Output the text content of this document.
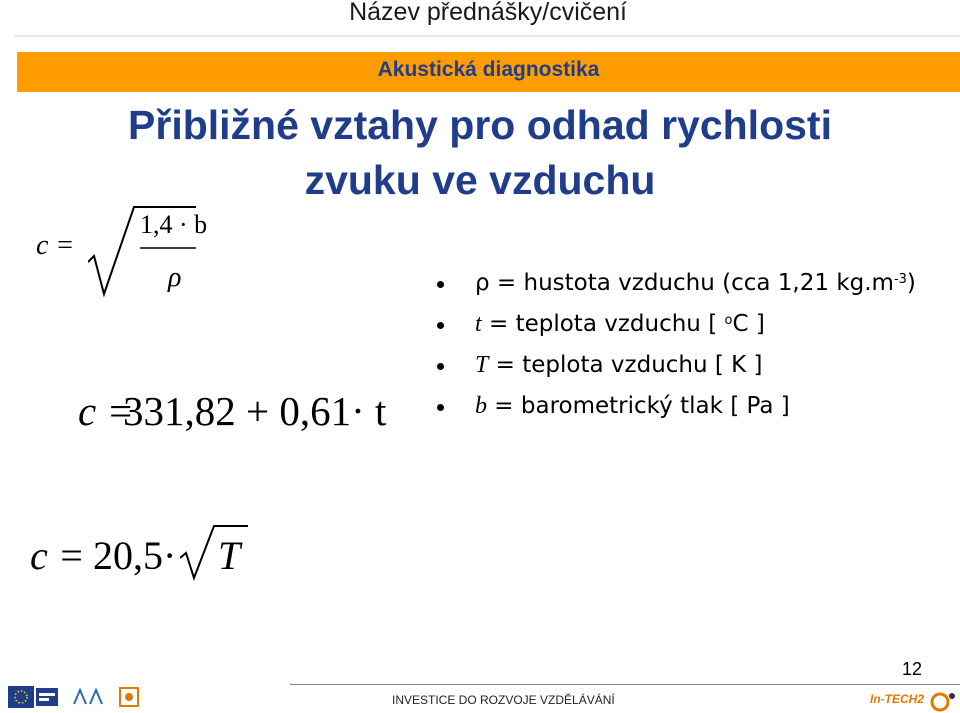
Název přednášky/cvičení
Akustická diagnostika
Přibližné vztahy pro odhad rychlosti
zvuku ve vzduchu
c =
1,4 · b
ρ
331,82 + 0,61· t
c =
c = 20,5· T
ρ = hustota vzduchu (cca 1,21 $kg.m^{-3}$)
t = teplota vzduchu [ $^o$C ]
T = teplota vzduchu [ K ]
b = barometrický tlak [ Pa ]
12
INVESTICE DO ROZVOJE VZDĚLÁVÁNÍ	In-TECH2
